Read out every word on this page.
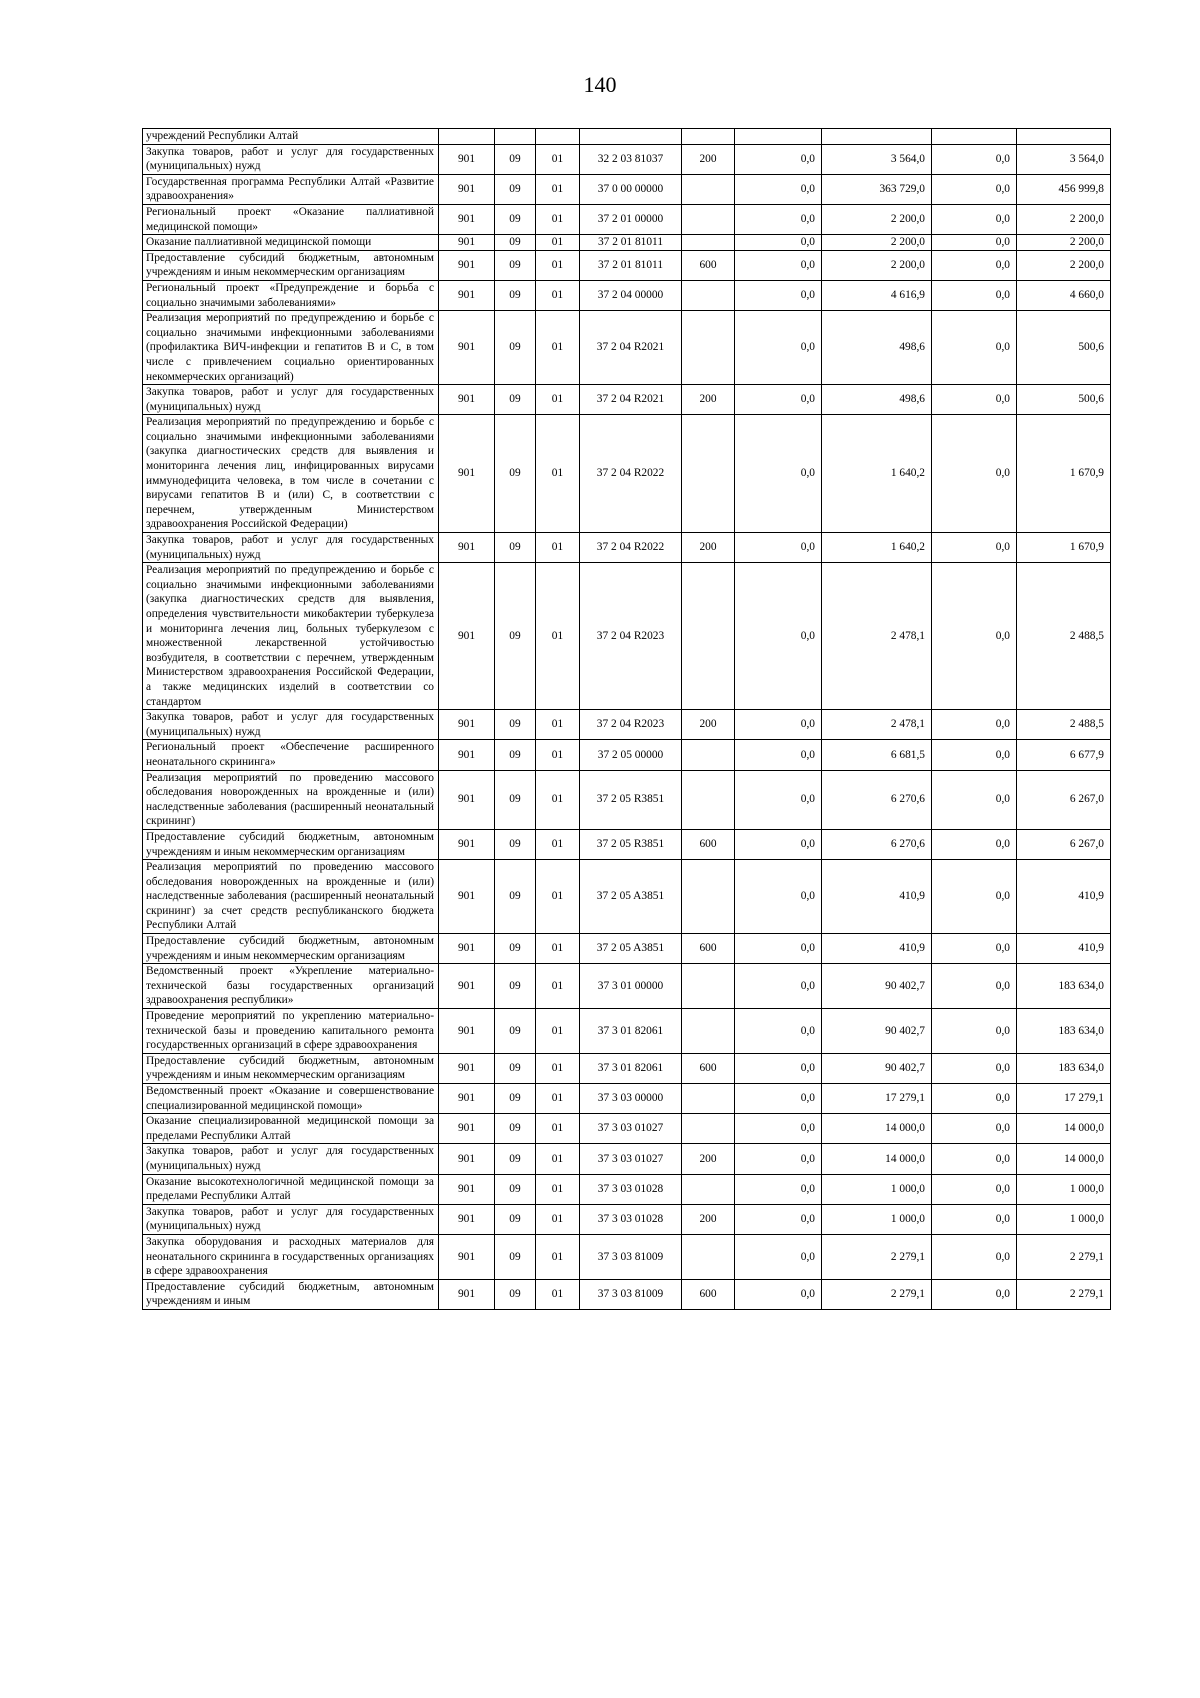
140
учреждений Республики Алтай									
Закупка товаров, работ и услуг для государственных (муниципальных) нужд	901	09	01	32 2 03 81037	200	0,0	3 564,0	0,0	3 564,0
Государственная программа Республики Алтай «Развитие здравоохранения»	901	09	01	37 0 00 00000		0,0	363 729,0	0,0	456 999,8
Региональный проект «Оказание паллиативной медицинской помощи»	901	09	01	37 2 01 00000		0,0	2 200,0	0,0	2 200,0
Оказание паллиативной медицинской помощи	901	09	01	37 2 01 81011		0,0	2 200,0	0,0	2 200,0
Предоставление субсидий бюджетным, автономным учреждениям и иным некоммерческим организациям	901	09	01	37 2 01 81011	600	0,0	2 200,0	0,0	2 200,0
Региональный проект «Предупреждение и борьба с социально значимыми заболеваниями»	901	09	01	37 2 04 00000		0,0	4 616,9	0,0	4 660,0
Реализация мероприятий по предупреждению и борьбе с социально значимыми инфекционными заболеваниями (профилактика ВИЧ-инфекции и гепатитов B и C, в том числе с привлечением социально ориентированных некоммерческих организаций)	901	09	01	37 2 04 R2021		0,0	498,6	0,0	500,6
Закупка товаров, работ и услуг для государственных (муниципальных) нужд	901	09	01	37 2 04 R2021	200	0,0	498,6	0,0	500,6
Реализация мероприятий по предупреждению и борьбе с социально значимыми инфекционными заболеваниями (закупка диагностических средств для выявления и мониторинга лечения лиц, инфицированных вирусами иммунодефицита человека, в том числе в сочетании с вирусами гепатитов B и (или) C, в соответствии с перечнем, утвержденным Министерством здравоохранения Российской Федерации)	901	09	01	37 2 04 R2022		0,0	1 640,2	0,0	1 670,9
Закупка товаров, работ и услуг для государственных (муниципальных) нужд	901	09	01	37 2 04 R2022	200	0,0	1 640,2	0,0	1 670,9
Реализация мероприятий по предупреждению и борьбе с социально значимыми инфекционными заболеваниями (закупка диагностических средств для выявления, определения чувствительности микобактерии туберкулеза и мониторинга лечения лиц, больных туберкулезом с множественной лекарственной устойчивостью возбудителя, в соответствии с перечнем, утвержденным Министерством здравоохранения Российской Федерации, а также медицинских изделий в соответствии со стандартом	901	09	01	37 2 04 R2023		0,0	2 478,1	0,0	2 488,5
Закупка товаров, работ и услуг для государственных (муниципальных) нужд	901	09	01	37 2 04 R2023	200	0,0	2 478,1	0,0	2 488,5
Региональный проект «Обеспечение расширенного неонатального скрининга»	901	09	01	37 2 05 00000		0,0	6 681,5	0,0	6 677,9
Реализация мероприятий по проведению массового обследования новорожденных на врожденные и (или) наследственные заболевания (расширенный неонатальный скрининг)	901	09	01	37 2 05 R3851		0,0	6 270,6	0,0	6 267,0
Предоставление субсидий бюджетным, автономным учреждениям и иным некоммерческим организациям	901	09	01	37 2 05 R3851	600	0,0	6 270,6	0,0	6 267,0
Реализация мероприятий по проведению массового обследования новорожденных на врожденные и (или) наследственные заболевания (расширенный неонатальный скрининг) за счет средств республиканского бюджета Республики Алтай	901	09	01	37 2 05 A3851		0,0	410,9	0,0	410,9
Предоставление субсидий бюджетным, автономным учреждениям и иным некоммерческим организациям	901	09	01	37 2 05 A3851	600	0,0	410,9	0,0	410,9
Ведомственный проект «Укрепление материально-технической базы государственных организаций здравоохранения республики»	901	09	01	37 3 01 00000		0,0	90 402,7	0,0	183 634,0
Проведение мероприятий по укреплению материально-технической базы и проведению капитального ремонта государственных организаций в сфере здравоохранения	901	09	01	37 3 01 82061		0,0	90 402,7	0,0	183 634,0
Предоставление субсидий бюджетным, автономным учреждениям и иным некоммерческим организациям	901	09	01	37 3 01 82061	600	0,0	90 402,7	0,0	183 634,0
Ведомственный проект «Оказание и совершенствование специализированной медицинской помощи»	901	09	01	37 3 03 00000		0,0	17 279,1	0,0	17 279,1
Оказание специализированной медицинской помощи за пределами Республики Алтай	901	09	01	37 3 03 01027		0,0	14 000,0	0,0	14 000,0
Закупка товаров, работ и услуг для государственных (муниципальных) нужд	901	09	01	37 3 03 01027	200	0,0	14 000,0	0,0	14 000,0
Оказание высокотехнологичной медицинской помощи за пределами Республики Алтай	901	09	01	37 3 03 01028		0,0	1 000,0	0,0	1 000,0
Закупка товаров, работ и услуг для государственных (муниципальных) нужд	901	09	01	37 3 03 01028	200	0,0	1 000,0	0,0	1 000,0
Закупка оборудования и расходных материалов для неонатального скрининга в государственных организациях в сфере здравоохранения	901	09	01	37 3 03 81009		0,0	2 279,1	0,0	2 279,1
Предоставление субсидий бюджетным, автономным учреждениям и иным	901	09	01	37 3 03 81009	600	0,0	2 279,1	0,0	2 279,1
